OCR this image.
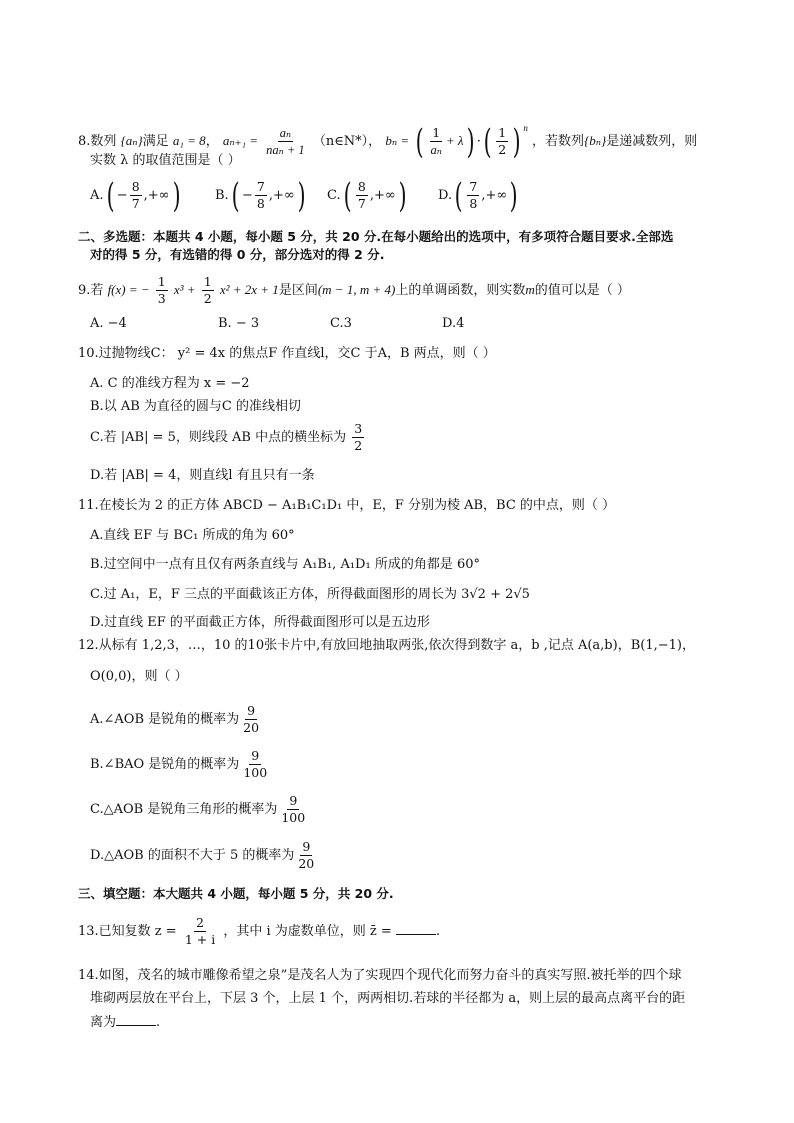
8.数列 {aₙ}满足 a₁ = 8， $a_{n+1} = \frac{\text{aₙ}}{\text{naₙ + 1}}$ （n∈N*）， bₙ = ( $\frac{1}{\text{aₙ}} + \lambda$) ·( $\frac{1}{2}$ ) $^n$ ，若数列{bₙ}是递减数列，则
实数 λ 的取值范围是（ ）
$A.( - \frac{8}{7}$ ,+∞)	$B.( - \frac{7}{8}$ ,+∞) $C.( \frac{8}{7}$ ,+∞) $D.( \frac{7}{8}$ ,+∞)
二、多选题：本题共 4 小题，每小题 5 分，共 20 分.在每小题给出的选项中，有多项符合题目要求.全部选
对的得 5 分，有选错的得 0 分，部分选对的得 2 分.
9.若 f(x) = − $\frac{1}{3} x^3 + \frac{1}{2} x^2 + 2x + 1$是区间(m − 1, m + 4)上的单调函数，则实数m的值可以是（ ）
A. −4	B. − 3	C.3	D.4
10.过抛物线C： y² = 4x 的焦点F 作直线l，交C 于A，B 两点，则（ ）
A. C 的准线方程为 x = −2
B.以 AB 为直径的圆与C 的准线相切
C.若 |AB| = 5，则线段 AB 中点的横坐标为 $\frac{3}{2}$
D.若 |AB| = 4，则直线l 有且只有一条
11.在棱长为 2 的正方体 ABCD − A₁B₁C₁D₁ 中，E，F 分别为棱 AB，BC 的中点，则（ ）
A.直线 EF 与 BC₁ 所成的角为 60°
B.过空间中一点有且仅有两条直线与 A₁B₁, A₁D₁ 所成的角都是 60°
C.过 A₁，E，F 三点的平面截该正方体，所得截面图形的周长为 3√2 + 2√5
D.过直线 EF 的平面截正方体，所得截面图形可以是五边形
12.从标有 1,2,3，…，10 的10张卡片中,有放回地抽取两张,依次得到数字 a，b ,记点 A(a,b)，B(1,−1)，
O(0,0)，则（ ）
A.∠AOB 是锐角的概率为 $\frac{9}{20}$
B.∠BAO 是锐角的概率为 $\frac{9}{100}$
C.△AOB 是锐角三角形的概率为 $\frac{9}{100}$
D.△AOB 的面积不大于 5 的概率为 $\frac{9}{20}$
三、填空题：本大题共 4 小题，每小题 5 分，共 20 分.
13.已知复数 $z = \frac{2}{1 + i}$ ，其中 i 为虚数单位，则 z̄ =	.
14.如图，茂名的城市雕像希望之泉”是茂名人为了实现四个现代化而努力奋斗的真实写照.被托举的四个球
堆砌两层放在平台上，下层 3 个，上层 1 个，两两相切.若球的半径都为 a，则上层的最高点离平台的距
离为	.
